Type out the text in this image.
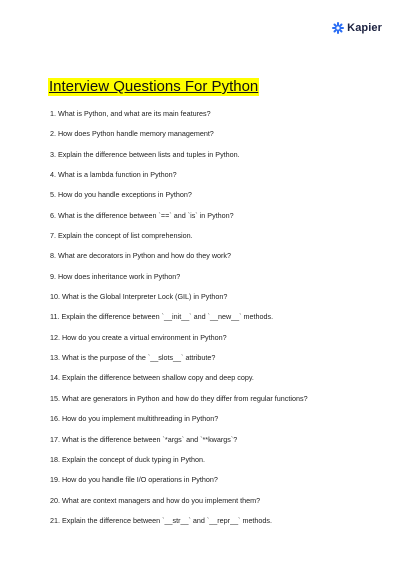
Kapier
Interview Questions For Python
1. What is Python, and what are its main features?
2. How does Python handle memory management?
3. Explain the difference between lists and tuples in Python.
4. What is a lambda function in Python?
5. How do you handle exceptions in Python?
6. What is the difference between `==` and `is` in Python?
7. Explain the concept of list comprehension.
8. What are decorators in Python and how do they work?
9. How does inheritance work in Python?
10. What is the Global Interpreter Lock (GIL) in Python?
11. Explain the difference between `__init__` and `__new__` methods.
12. How do you create a virtual environment in Python?
13. What is the purpose of the `__slots__` attribute?
14. Explain the difference between shallow copy and deep copy.
15. What are generators in Python and how do they differ from regular functions?
16. How do you implement multithreading in Python?
17. What is the difference between `*args` and `**kwargs`?
18. Explain the concept of duck typing in Python.
19. How do you handle file I/O operations in Python?
20. What are context managers and how do you implement them?
21. Explain the difference between `__str__` and `__repr__` methods.
